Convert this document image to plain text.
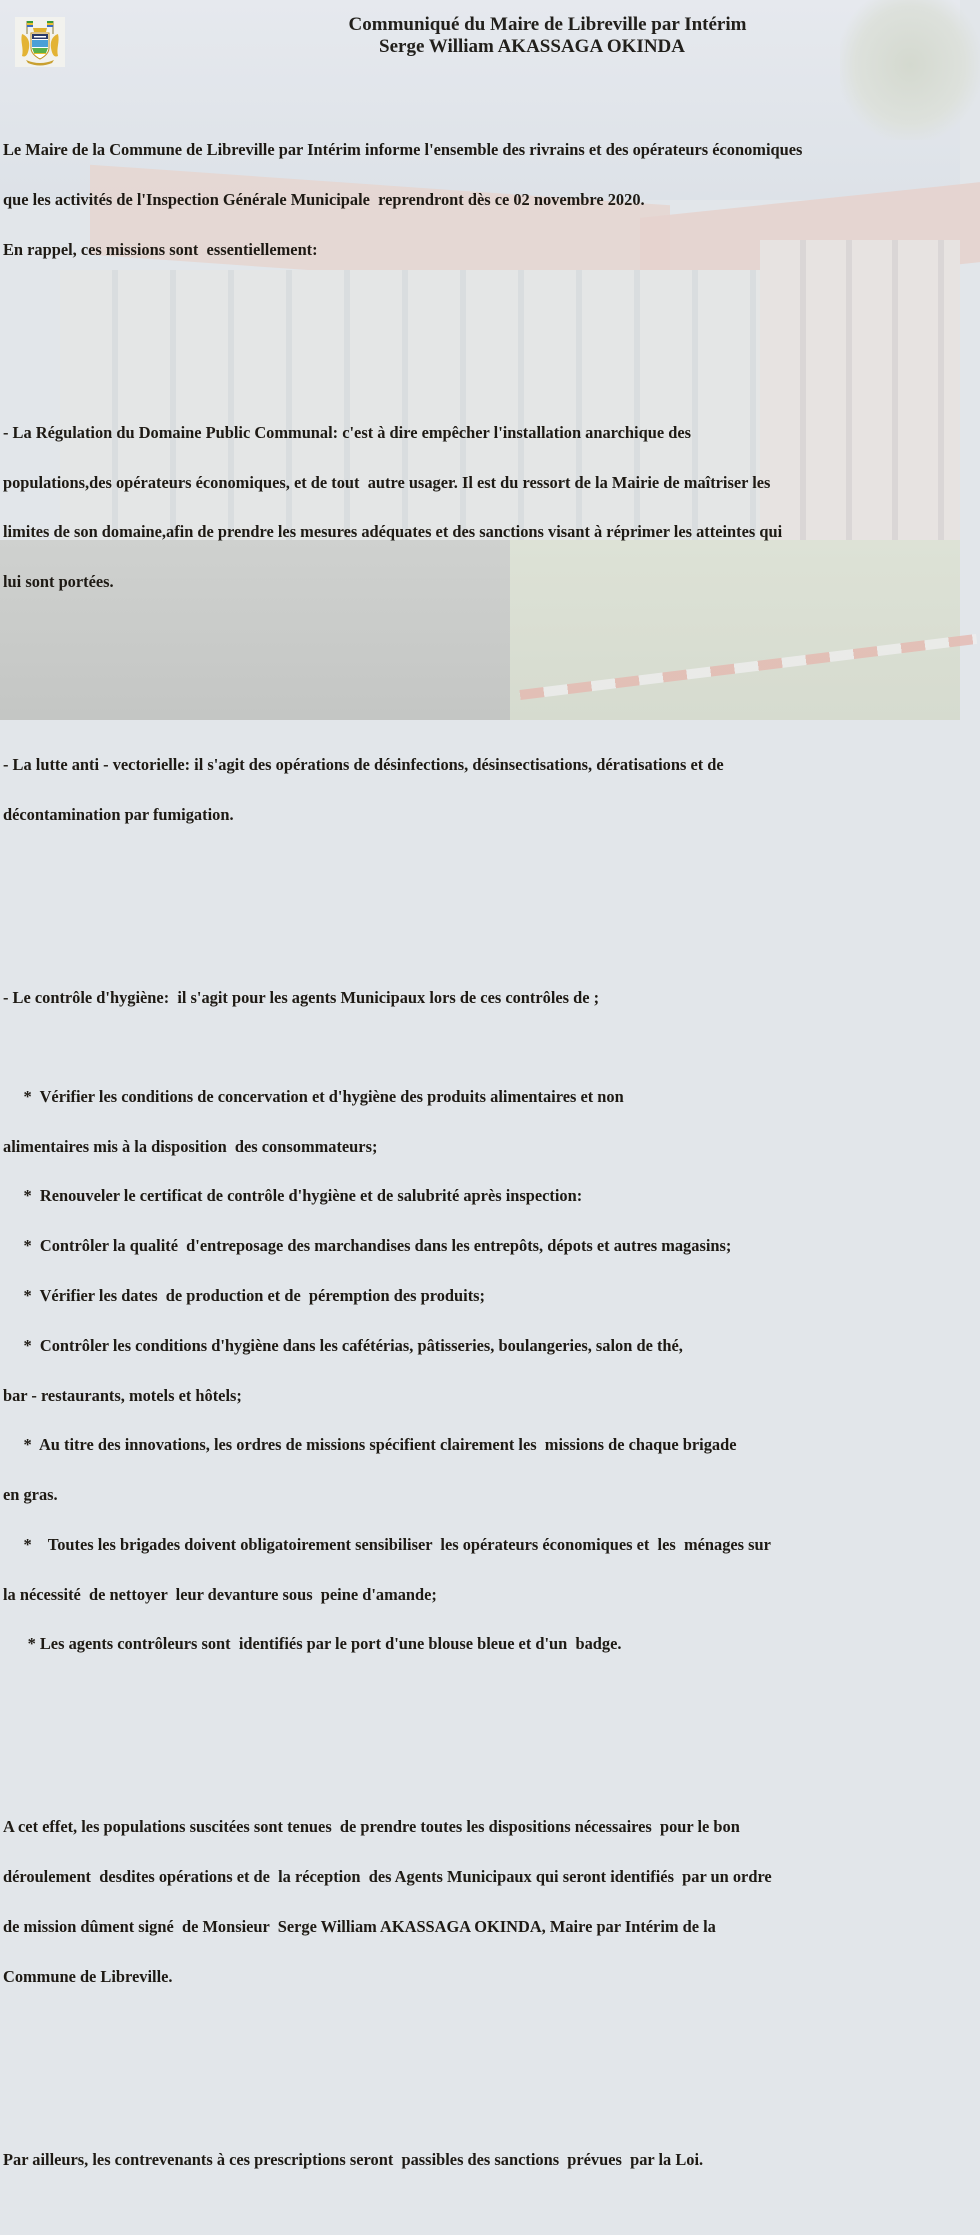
Communiqué du Maire de Libreville par Intérim
Serge William AKASSAGA OKINDA

Le Maire de la Commune de Libreville par Intérim informe l'ensemble des rivrains et des opérateurs économiques

que les activités de l'Inspection Générale Municipale  reprendront dès ce 02 novembre 2020.

En rappel, ces missions sont  essentiellement:

- La Régulation du Domaine Public Communal: c'est à dire empêcher l'installation anarchique des

populations,des opérateurs économiques, et de tout  autre usager. Il est du ressort de la Mairie de maîtriser les

limites de son domaine,afin de prendre les mesures adéquates et des sanctions visant à réprimer les atteintes qui

lui sont portées.

- La lutte anti - vectorielle: il s'agit des opérations de désinfections, désinsectisations, dératisations et de

décontamination par fumigation.

- Le contrôle d'hygiène:  il s'agit pour les agents Municipaux lors de ces contrôles de ;

*  Vérifier les conditions de concervation et d'hygiène des produits alimentaires et non

alimentaires mis à la disposition  des consommateurs;

*  Renouveler le certificat de contrôle d'hygiène et de salubrité après inspection:

*  Contrôler la qualité  d'entreposage des marchandises dans les entrepôts, dépots et autres magasins;

*  Vérifier les dates  de production et de  péremption des produits;

*  Contrôler les conditions d'hygiène dans les cafétérias, pâtisseries, boulangeries, salon de thé,

bar - restaurants, motels et hôtels;

*  Au titre des innovations, les ordres de missions spécifient clairement les  missions de chaque brigade

en gras.

*    Toutes les brigades doivent obligatoirement sensibiliser  les opérateurs économiques et  les  ménages sur

la nécessité  de nettoyer  leur devanture sous  peine d'amande;

* Les agents contrôleurs sont  identifiés par le port d'une blouse bleue et d'un  badge.

A cet effet, les populations suscitées sont tenues  de prendre toutes les dispositions nécessaires  pour le bon

déroulement  desdites opérations et de  la réception  des Agents Municipaux qui seront identifiés  par un ordre

de mission dûment signé  de Monsieur  Serge William AKASSAGA OKINDA, Maire par Intérim de la

Commune de Libreville.

Par ailleurs, les contrevenants à ces prescriptions seront  passibles des sanctions  prévues  par la Loi.
